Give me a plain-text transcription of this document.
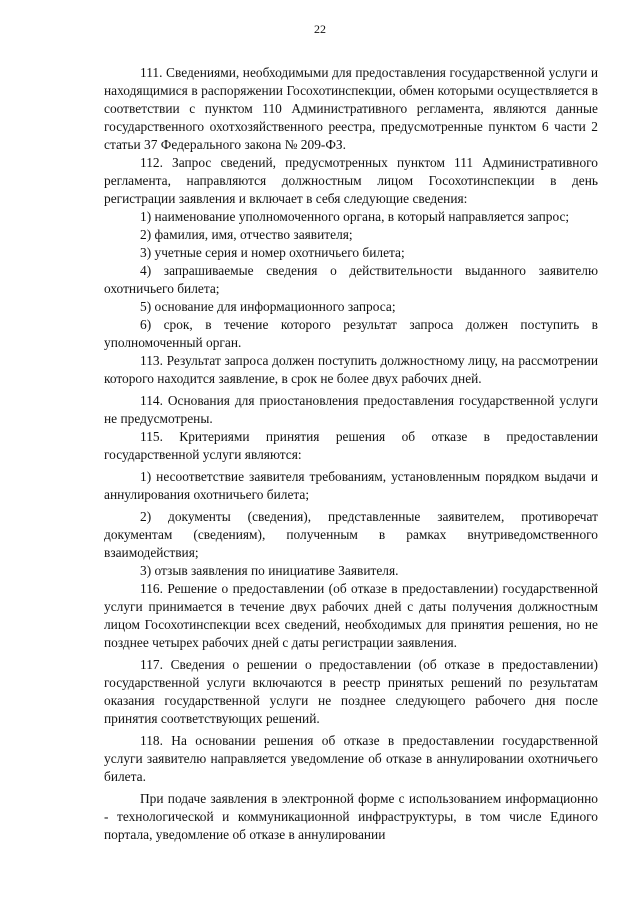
22

111. Сведениями, необходимыми для предоставления государственной услуги и находящимися в распоряжении Госохотинспекции, обмен которыми осуществляется в соответствии с пунктом 110 Административного регламента, являются данные государственного охотхозяйственного реестра, предусмотренные пунктом 6 части 2 статьи 37 Федерального закона № 209-ФЗ.

112. Запрос сведений, предусмотренных пунктом 111 Административного регламента, направляются должностным лицом Госохотинспекции в день регистрации заявления и включает в себя следующие сведения:

1) наименование уполномоченного органа, в который направляется запрос;

2) фамилия, имя, отчество заявителя;

3) учетные серия и номер охотничьего билета;

4) запрашиваемые сведения о действительности выданного заявителю охотничьего билета;

5) основание для информационного запроса;

6) срок, в течение которого результат запроса должен поступить в уполномоченный орган.

113. Результат запроса должен поступить должностному лицу, на рассмотрении которого находится заявление, в срок не более двух рабочих дней.

114. Основания для приостановления предоставления государственной услуги не предусмотрены.

115. Критериями принятия решения об отказе в предоставлении государственной услуги являются:

1) несоответствие заявителя требованиям, установленным порядком выдачи и аннулирования охотничьего билета;

2) документы (сведения), представленные заявителем, противоречат документам (сведениям), полученным в рамках внутриведомственного взаимодействия;

3) отзыв заявления по инициативе Заявителя.

116. Решение о предоставлении (об отказе в предоставлении) государственной услуги принимается в течение двух рабочих дней с даты получения должностным лицом Госохотинспекции всех сведений, необходимых для принятия решения, но не позднее четырех рабочих дней с даты регистрации заявления.

117. Сведения о решении о предоставлении (об отказе в предоставлении) государственной услуги включаются в реестр принятых решений по результатам оказания государственной услуги не позднее следующего рабочего дня после принятия соответствующих решений.

118. На основании решения об отказе в предоставлении государственной услуги заявителю направляется уведомление об отказе в аннулировании охотничьего билета.

При подаче заявления в электронной форме с использованием информационно - технологической и коммуникационной инфраструктуры, в том числе Единого портала, уведомление об отказе в аннулировании
